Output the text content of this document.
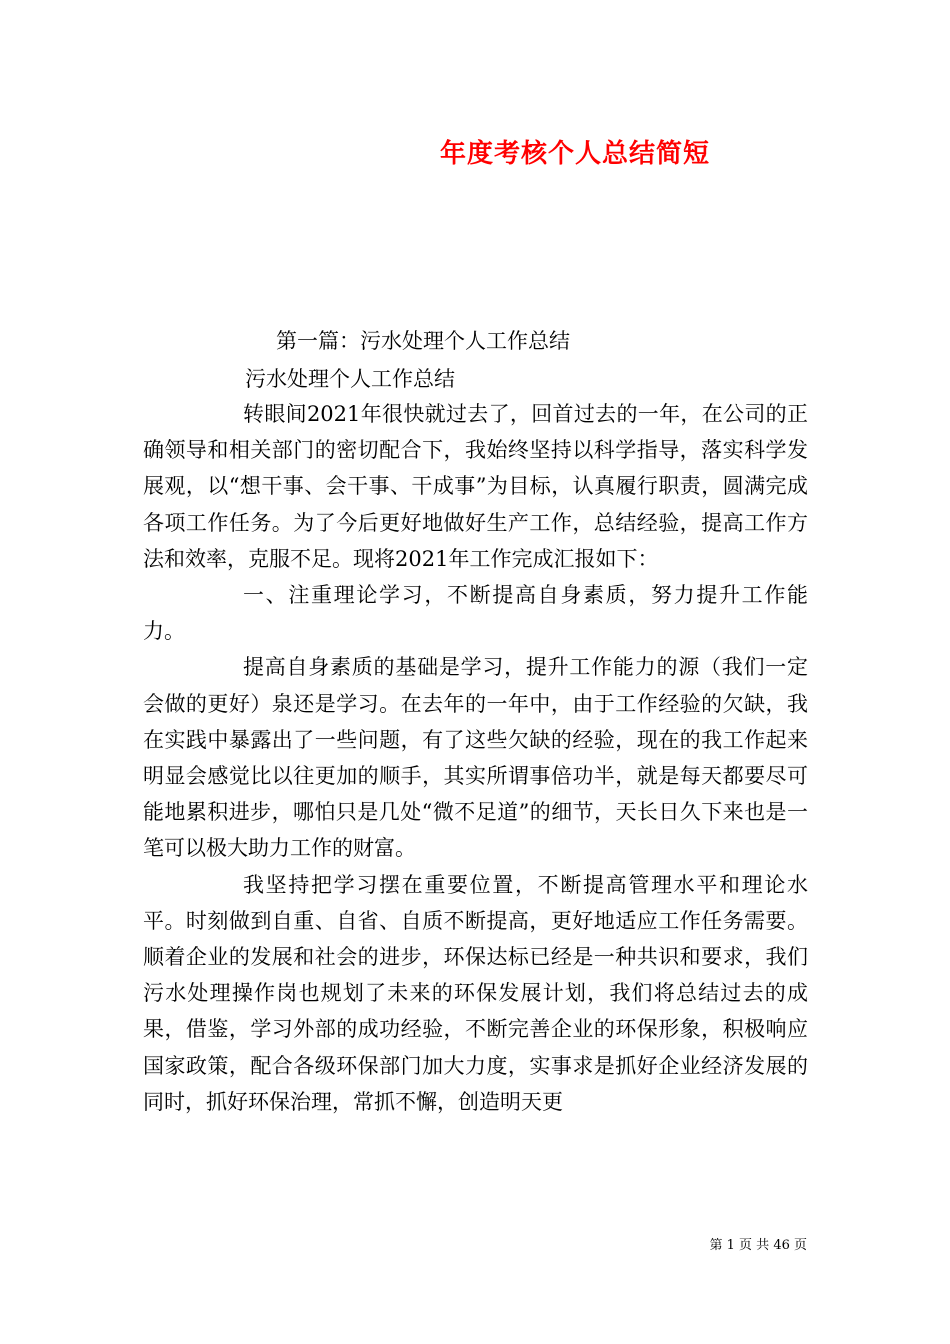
年度考核个人总结简短
第一篇：污水处理个人工作总结
污水处理个人工作总结

转眼间2021年很快就过去了，回首过去的一年，在公司的正确领导和相关部门的密切配合下，我始终坚持以科学指导，落实科学发展观，以“想干事、会干事、干成事”为目标，认真履行职责，圆满完成各项工作任务。为了今后更好地做好生产工作，总结经验，提高工作方法和效率，克服不足。现将2021年工作完成汇报如下：

一、注重理论学习，不断提高自身素质，努力提升工作能力。

提高自身素质的基础是学习，提升工作能力的源（我们一定会做的更好）泉还是学习。在去年的一年中，由于工作经验的欠缺，我在实践中暴露出了一些问题，有了这些欠缺的经验，现在的我工作起来明显会感觉比以往更加的顺手，其实所谓事倍功半，就是每天都要尽可能地累积进步，哪怕只是几处“微不足道”的细节，天长日久下来也是一笔可以极大助力工作的财富。

我坚持把学习摆在重要位置，不断提高管理水平和理论水平。时刻做到自重、自省、自质不断提高，更好地适应工作任务需要。顺着企业的发展和社会的进步，环保达标已经是一种共识和要求，我们污水处理操作岗也规划了未来的环保发展计划，我们将总结过去的成果，借鉴，学习外部的成功经验，不断完善企业的环保形象，积极响应国家政策，配合各级环保部门加大力度，实事求是抓好企业经济发展的同时，抓好环保治理，常抓不懈，创造明天更

第 1 页 共 46 页
